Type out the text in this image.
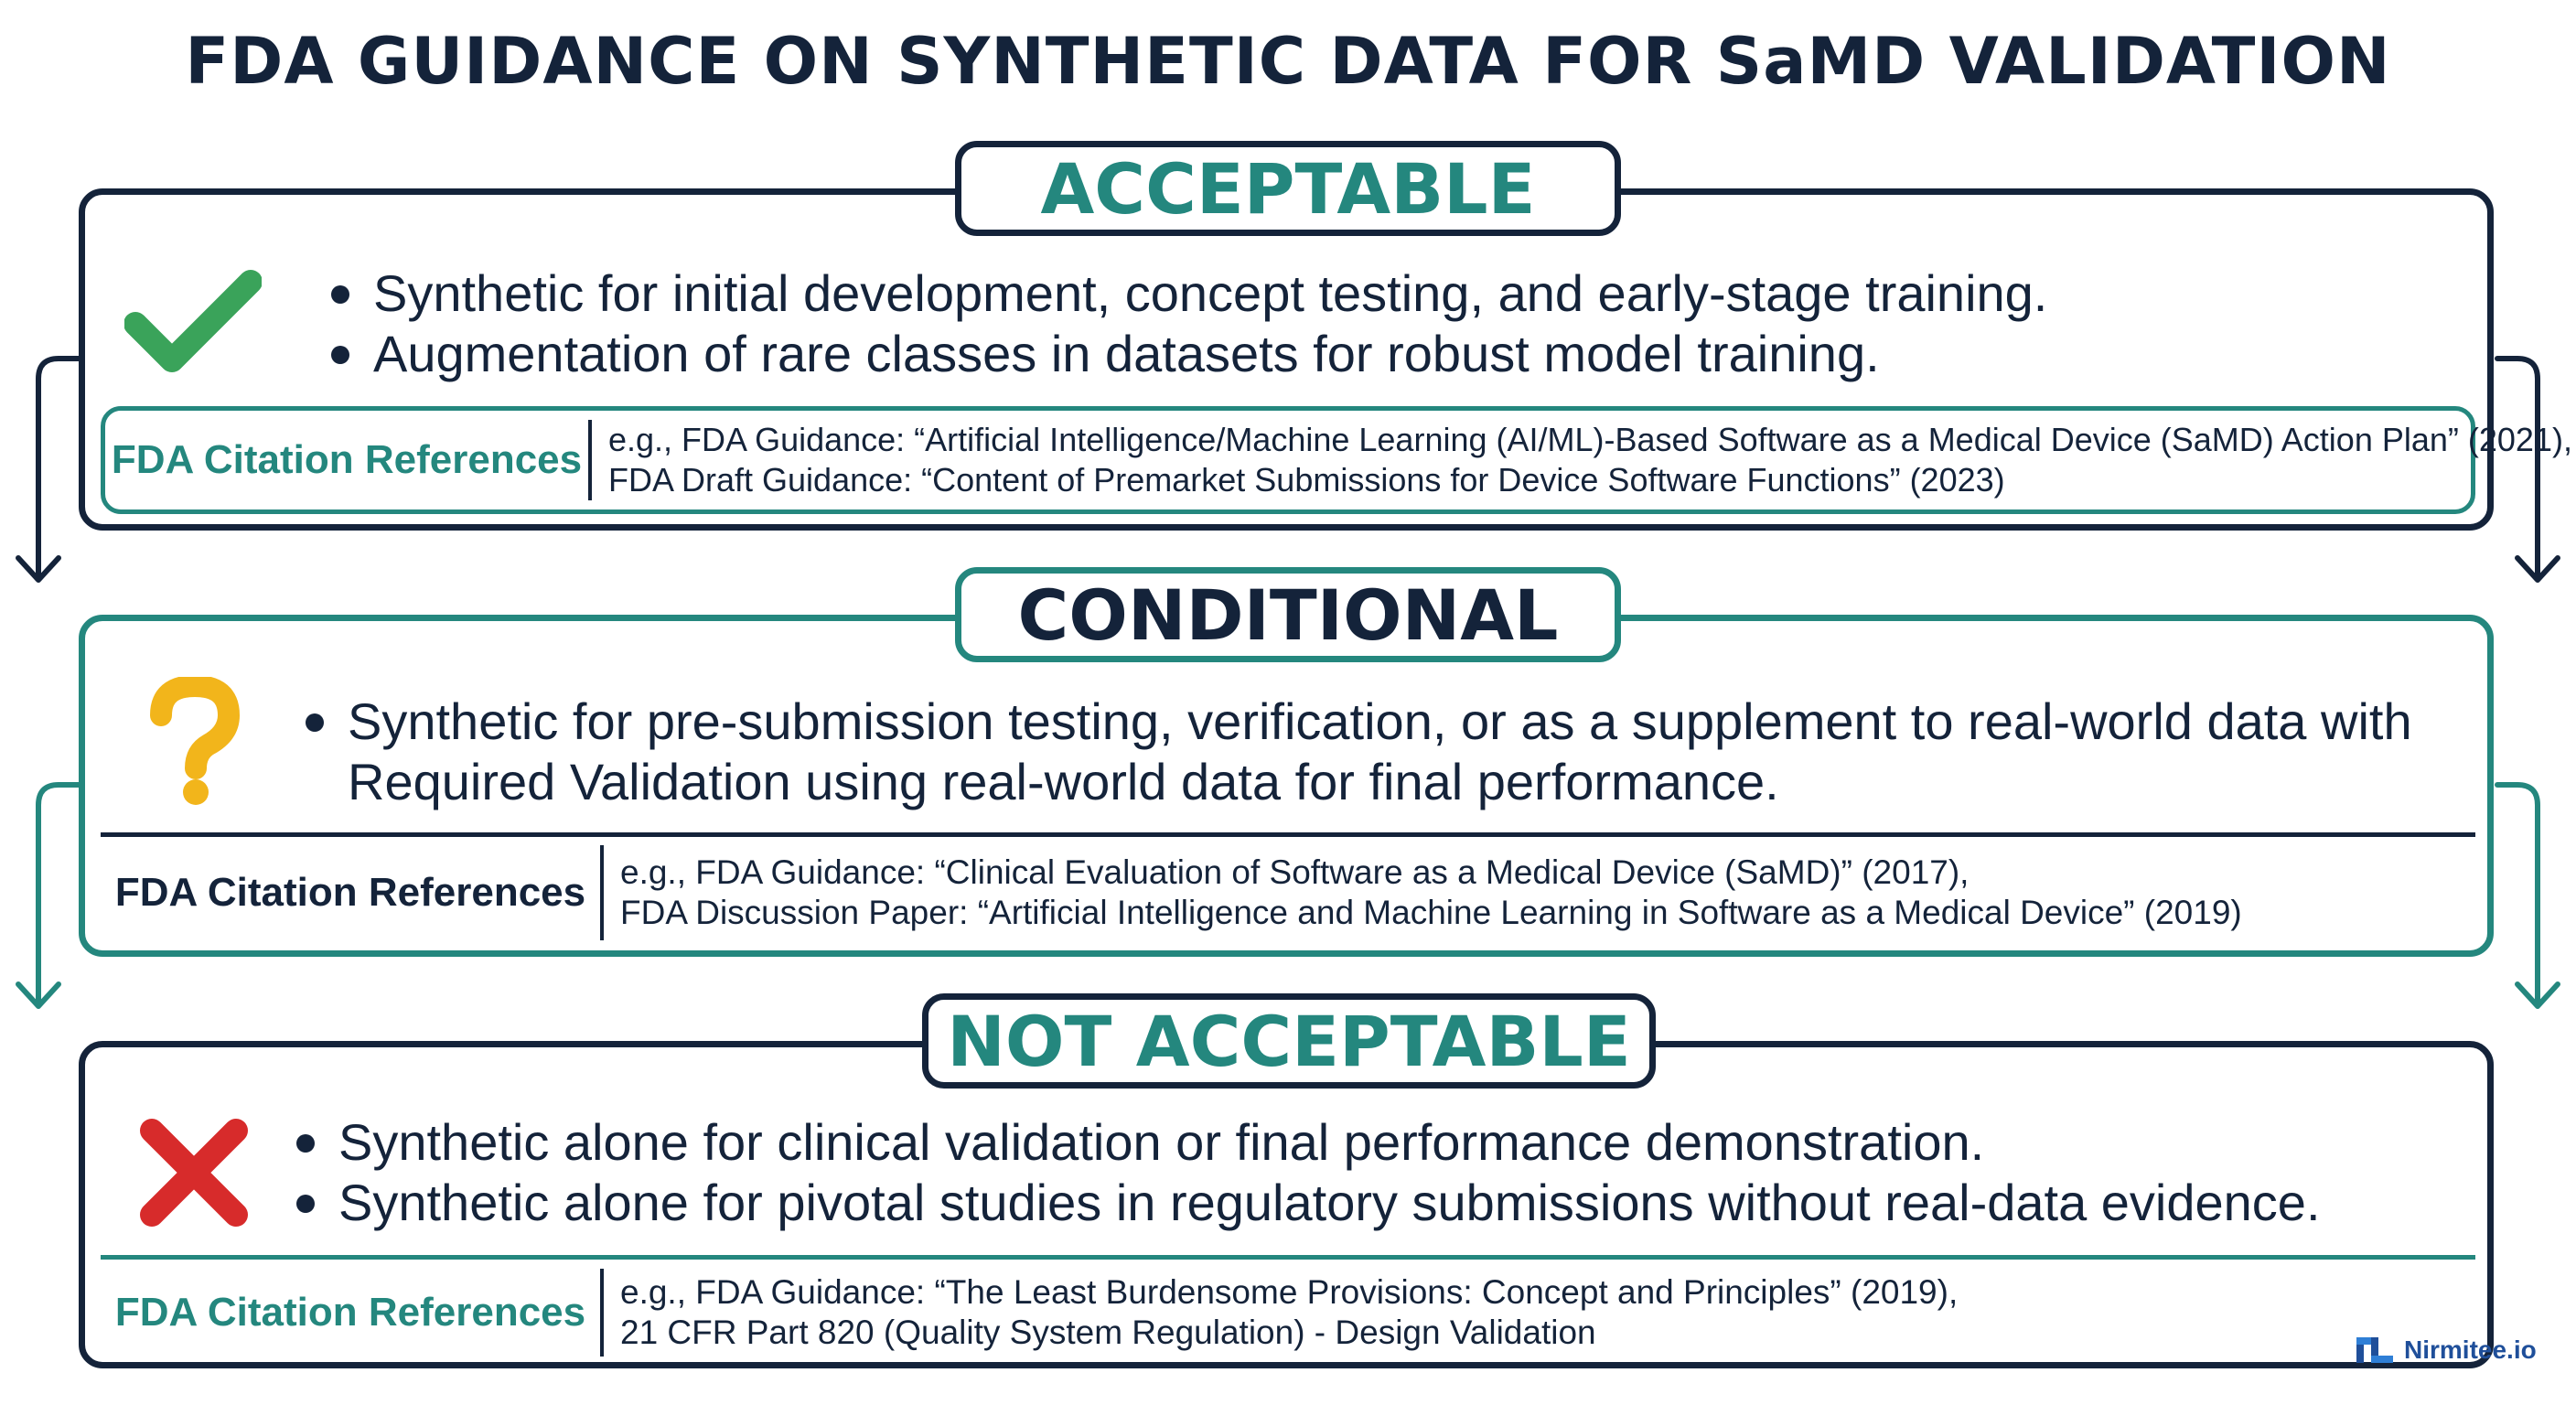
FDA GUIDANCE ON SYNTHETIC DATA FOR SaMD VALIDATION
ACCEPTABLE
Synthetic for initial development, concept testing, and early-stage training.
Augmentation of rare classes in datasets for robust model training.
FDA Citation References e.g., FDA Guidance: “Artificial Intelligence/Machine Learning (AI/ML)-Based Software as a Medical Device (SaMD) Action Plan” (2021),
FDA Draft Guidance: “Content of Premarket Submissions for Device Software Functions” (2023)
CONDITIONAL
Synthetic for pre-submission testing, verification, or as a supplement to real-world data with Required Validation using real-world data for final performance.
FDA Citation References	e.g., FDA Guidance: “Clinical Evaluation of Software as a Medical Device (SaMD)” (2017),
FDA Discussion Paper: “Artificial Intelligence and Machine Learning in Software as a Medical Device” (2019)
NOT ACCEPTABLE
Synthetic alone for clinical validation or final performance demonstration.
Synthetic alone for pivotal studies in regulatory submissions without real-data evidence.
FDA Citation References	e.g., FDA Guidance: “The Least Burdensome Provisions: Concept and Principles” (2019),
21 CFR Part 820 (Quality System Regulation) - Design Validation	Nirmitee.io
